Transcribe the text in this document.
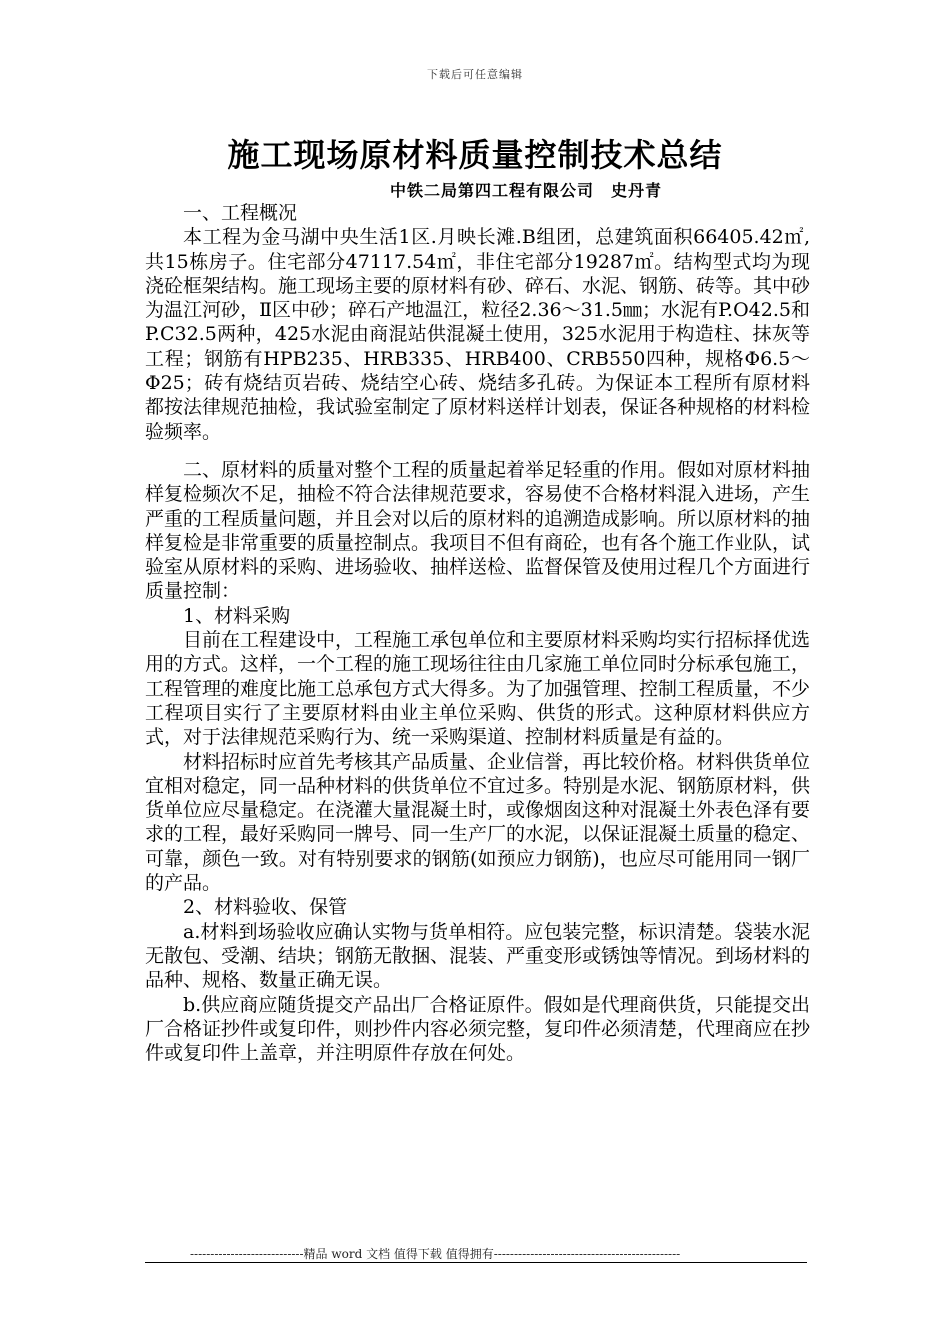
下载后可任意编辑
施工现场原材料质量控制技术总结
中铁二局第四工程有限公司　史丹青

一、工程概况

本工程为金马湖中央生活1区.月映长滩.B组团，总建筑面积66405.42㎡,共15栋房子。住宅部分47117.54㎡，非住宅部分19287㎡。结构型式均为现浇砼框架结构。施工现场主要的原材料有砂、碎石、水泥、钢筋、砖等。其中砂为温江河砂，Ⅱ区中砂；碎石产地温江，粒径2.36～31.5㎜；水泥有P.O42.5和P.C32.5两种，425水泥由商混站供混凝土使用，325水泥用于构造柱、抹灰等工程；钢筋有HPB235、HRB335、HRB400、CRB550四种，规格Φ6.5～Φ25；砖有烧结页岩砖、烧结空心砖、烧结多孔砖。为保证本工程所有原材料都按法律规范抽检，我试验室制定了原材料送样计划表，保证各种规格的材料检验频率。

二、原材料的质量对整个工程的质量起着举足轻重的作用。假如对原材料抽样复检频次不足，抽检不符合法律规范要求，容易使不合格材料混入进场，产生严重的工程质量问题，并且会对以后的原材料的追溯造成影响。所以原材料的抽样复检是非常重要的质量控制点。我项目不但有商砼，也有各个施工作业队，试验室从原材料的采购、进场验收、抽样送检、监督保管及使用过程几个方面进行质量控制：

1、材料采购

目前在工程建设中，工程施工承包单位和主要原材料采购均实行招标择优选用的方式。这样，一个工程的施工现场往往由几家施工单位同时分标承包施工，工程管理的难度比施工总承包方式大得多。为了加强管理、控制工程质量，不少工程项目实行了主要原材料由业主单位采购、供货的形式。这种原材料供应方式，对于法律规范采购行为、统一采购渠道、控制材料质量是有益的。

材料招标时应首先考核其产品质量、企业信誉，再比较价格。材料供货单位宜相对稳定，同一品种材料的供货单位不宜过多。特别是水泥、钢筋原材料，供货单位应尽量稳定。在浇灌大量混凝土时，或像烟囱这种对混凝土外表色泽有要求的工程，最好采购同一牌号、同一生产厂的水泥，以保证混凝土质量的稳定、可靠，颜色一致。对有特别要求的钢筋(如预应力钢筋)，也应尽可能用同一钢厂的产品。

2、材料验收、保管

a.材料到场验收应确认实物与货单相符。应包装完整，标识清楚。袋装水泥无散包、受潮、结块；钢筋无散捆、混装、严重变形或锈蚀等情况。到场材料的品种、规格、数量正确无误。

b.供应商应随货提交产品出厂合格证原件。假如是代理商供货，只能提交出厂合格证抄件或复印件，则抄件内容必须完整，复印件必须清楚，代理商应在抄件或复印件上盖章，并注明原件存放在何处。

----------------------------精品 word 文档 值得下载 值得拥有----------------------------------------------
